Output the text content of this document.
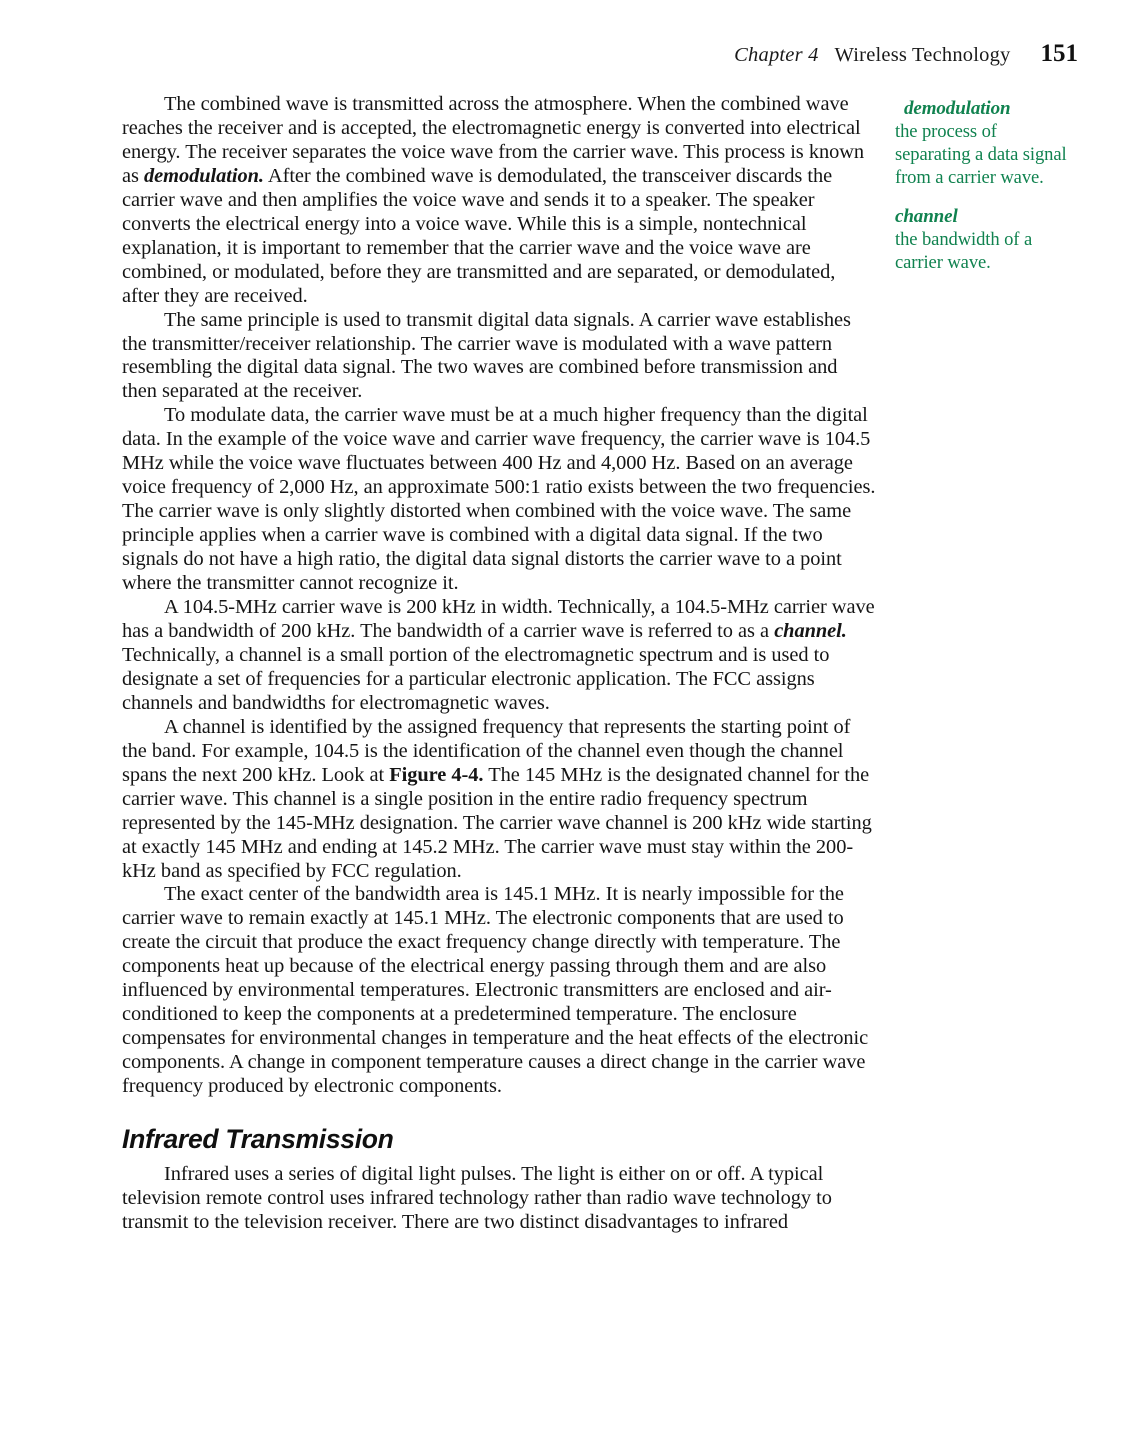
Chapter 4 Wireless Technology 151

The combined wave is transmitted across the atmosphere. When the combined wave reaches the receiver and is accepted, the electromagnetic energy is converted into electrical energy. The receiver separates the voice wave from the carrier wave. This process is known as demodulation. After the combined wave is demodulated, the transceiver discards the carrier wave and then amplifies the voice wave and sends it to a speaker. The speaker converts the electrical energy into a voice wave. While this is a simple, nontechnical explanation, it is important to remember that the carrier wave and the voice wave are combined, or modulated, before they are transmitted and are separated, or demodulated, after they are received.

The same principle is used to transmit digital data signals. A carrier wave establishes the transmitter/receiver relationship. The carrier wave is modulated with a wave pattern resembling the digital data signal. The two waves are combined before transmission and then separated at the receiver.

To modulate data, the carrier wave must be at a much higher frequency than the digital data. In the example of the voice wave and carrier wave frequency, the carrier wave is 104.5 MHz while the voice wave fluctuates between 400 Hz and 4,000 Hz. Based on an average voice frequency of 2,000 Hz, an approximate 500:1 ratio exists between the two frequencies. The carrier wave is only slightly distorted when combined with the voice wave. The same principle applies when a carrier wave is combined with a digital data signal. If the two signals do not have a high ratio, the digital data signal distorts the carrier wave to a point where the transmitter cannot recognize it.

A 104.5-MHz carrier wave is 200 kHz in width. Technically, a 104.5-MHz carrier wave has a bandwidth of 200 kHz. The bandwidth of a carrier wave is referred to as a channel. Technically, a channel is a small portion of the electromagnetic spectrum and is used to designate a set of frequencies for a particular electronic application. The FCC assigns channels and bandwidths for electromagnetic waves.

A channel is identified by the assigned frequency that represents the starting point of the band. For example, 104.5 is the identification of the channel even though the channel spans the next 200 kHz. Look at Figure 4-4. The 145 MHz is the designated channel for the carrier wave. This channel is a single position in the entire radio frequency spectrum represented by the 145-MHz designation. The carrier wave channel is 200 kHz wide starting at exactly 145 MHz and ending at 145.2 MHz. The carrier wave must stay within the 200-kHz band as specified by FCC regulation.

The exact center of the bandwidth area is 145.1 MHz. It is nearly impossible for the carrier wave to remain exactly at 145.1 MHz. The electronic components that are used to create the circuit that produce the exact frequency change directly with temperature. The components heat up because of the electrical energy passing through them and are also influenced by environmental temperatures. Electronic transmitters are enclosed and air-conditioned to keep the components at a predetermined temperature. The enclosure compensates for environmental changes in temperature and the heat effects of the electronic components. A change in component temperature causes a direct change in the carrier wave frequency produced by electronic components.

Infrared Transmission

Infrared uses a series of digital light pulses. The light is either on or off. A typical television remote control uses infrared technology rather than radio wave technology to transmit to the television receiver. There are two distinct disadvantages to infrared

demodulation
the process of separating a data signal from a carrier wave.
channel
the bandwidth of a carrier wave.
